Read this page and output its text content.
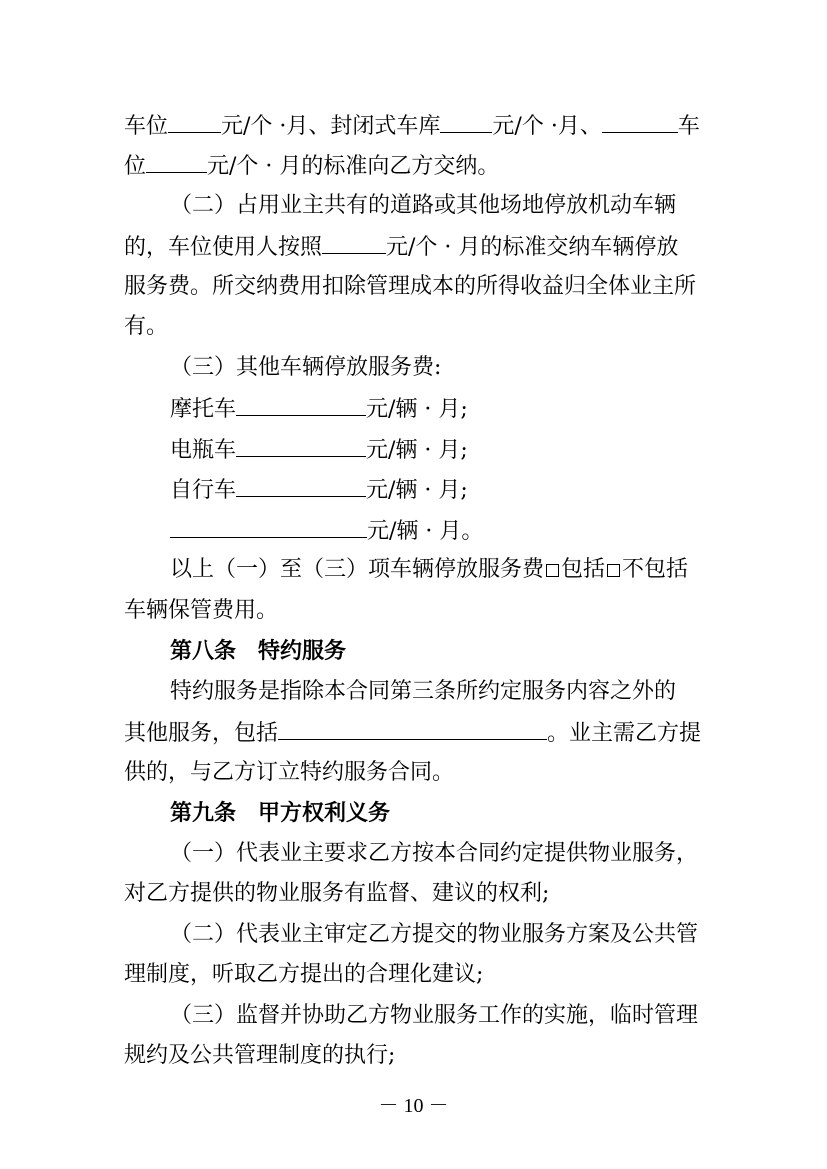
车位 元/个 ·月、封闭式车库 元/个 ·月、	车
位	元/个 · 月的标准向乙方交纳。
（二）占用业主共有的道路或其他场地停放机动车辆
的，车位使用人按照	元/个 · 月的标准交纳车辆停放
服务费。所交纳费用扣除管理成本的所得收益归全体业主所
有。
（三）其他车辆停放服务费:
摩托车	元/辆 · 月;
电瓶车	元/辆 · 月;
自行车	元/辆 · 月;
元/辆 · 月。
以上（一）至（三）项车辆停放服务费 包括 不包括
车辆保管费用。
第八条 特约服务
特约服务是指除本合同第三条所约定服务内容之外的
其他服务，包括	。业主需乙方提
供的，与乙方订立特约服务合同。
第九条 甲方权利义务
（一）代表业主要求乙方按本合同约定提供物业服务，
对乙方提供的物业服务有监督、建议的权利;
（二）代表业主审定乙方提交的物业服务方案及公共管
理制度，听取乙方提出的合理化建议;
（三）监督并协助乙方物业服务工作的实施，临时管理
规约及公共管理制度的执行;
－ 10 －
